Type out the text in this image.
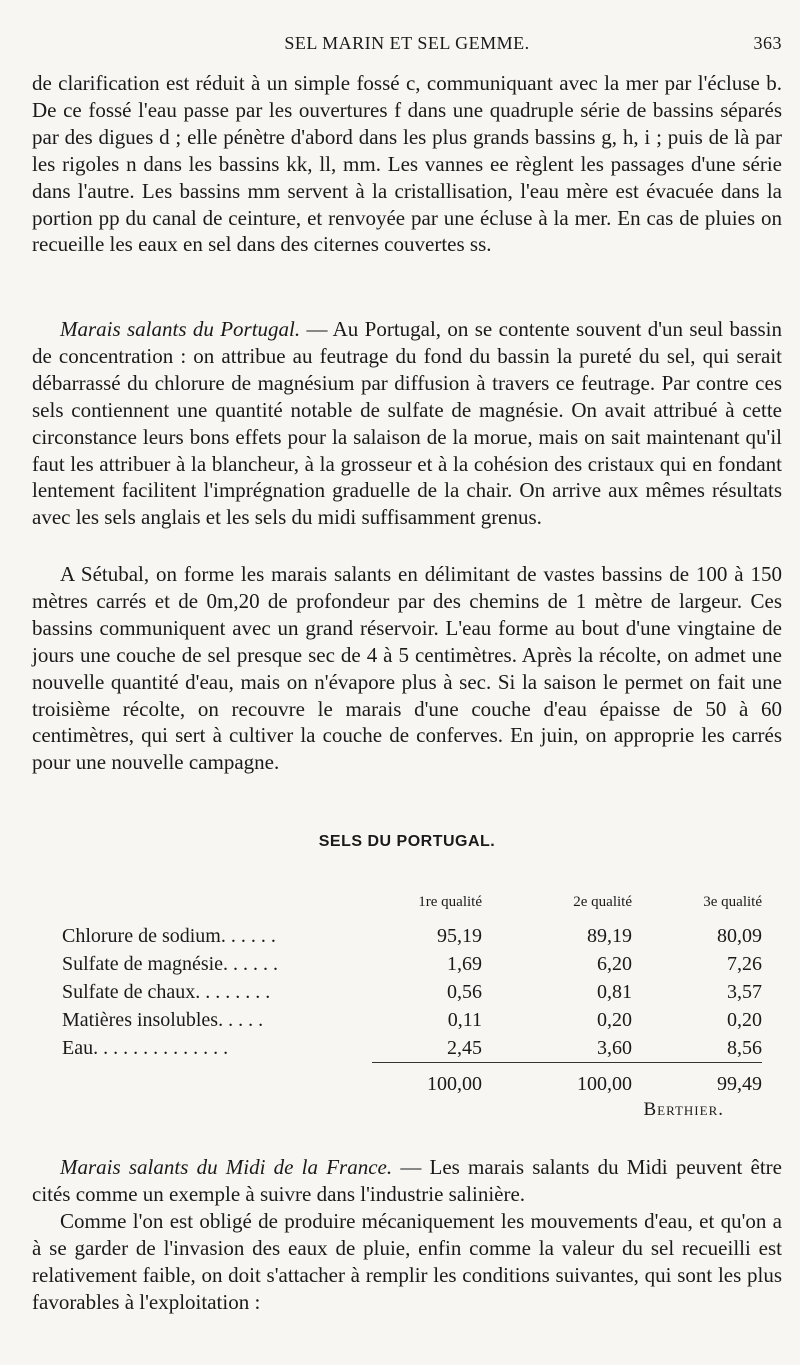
SEL MARIN ET SEL GEMME.	363

de clarification est réduit à un simple fossé c, communiquant avec la mer par l'écluse b. De ce fossé l'eau passe par les ouvertures f dans une quadruple série de bassins séparés par des digues d ; elle pénètre d'abord dans les plus grands bassins g, h, i ; puis de là par les rigoles n dans les bassins kk, ll, mm. Les vannes ee règlent les passages d'une série dans l'autre. Les bassins mm servent à la cristallisation, l'eau mère est évacuée dans la portion pp du canal de ceinture, et renvoyée par une écluse à la mer. En cas de pluies on recueille les eaux en sel dans des citernes couvertes ss.

Marais salants du Portugal. — Au Portugal, on se contente souvent d'un seul bassin de concentration : on attribue au feutrage du fond du bassin la pureté du sel, qui serait débarrassé du chlorure de magnésium par diffusion à travers ce feutrage. Par contre ces sels contiennent une quantité notable de sulfate de magnésie. On avait attribué à cette circonstance leurs bons effets pour la salaison de la morue, mais on sait maintenant qu'il faut les attribuer à la blancheur, à la grosseur et à la cohésion des cristaux qui en fondant lentement facilitent l'imprégnation graduelle de la chair. On arrive aux mêmes résultats avec les sels anglais et les sels du midi suffisamment grenus.

A Sétubal, on forme les marais salants en délimitant de vastes bassins de 100 à 150 mètres carrés et de 0m,20 de profondeur par des chemins de 1 mètre de largeur. Ces bassins communiquent avec un grand réservoir. L'eau forme au bout d'une vingtaine de jours une couche de sel presque sec de 4 à 5 centimètres. Après la récolte, on admet une nouvelle quantité d'eau, mais on n'évapore plus à sec. Si la saison le permet on fait une troisième récolte, on recouvre le marais d'une couche d'eau épaisse de 50 à 60 centimètres, qui sert à cultiver la couche de conferves. En juin, on approprie les carrés pour une nouvelle campagne.

SELS DU PORTUGAL.
	1re qualité	2e qualité	3e qualité
Chlorure de sodium. . . . . .	95,19	89,19	80,09
Sulfate de magnésie. . . . . .	1,69	6,20	7,26
Sulfate de chaux. . . . . . . .	0,56	0,81	3,57
Matières insolubles. . . . .	0,11	0,20	0,20
Eau. . . . . . . . . . . . . .	2,45	3,60	8,56
	100,00	100,00	99,49
Berthier.

Marais salants du Midi de la France. — Les marais salants du Midi peuvent être cités comme un exemple à suivre dans l'industrie salinière.

Comme l'on est obligé de produire mécaniquement les mouvements d'eau, et qu'on a à se garder de l'invasion des eaux de pluie, enfin comme la valeur du sel recueilli est relativement faible, on doit s'attacher à remplir les conditions suivantes, qui sont les plus favorables à l'exploitation :
